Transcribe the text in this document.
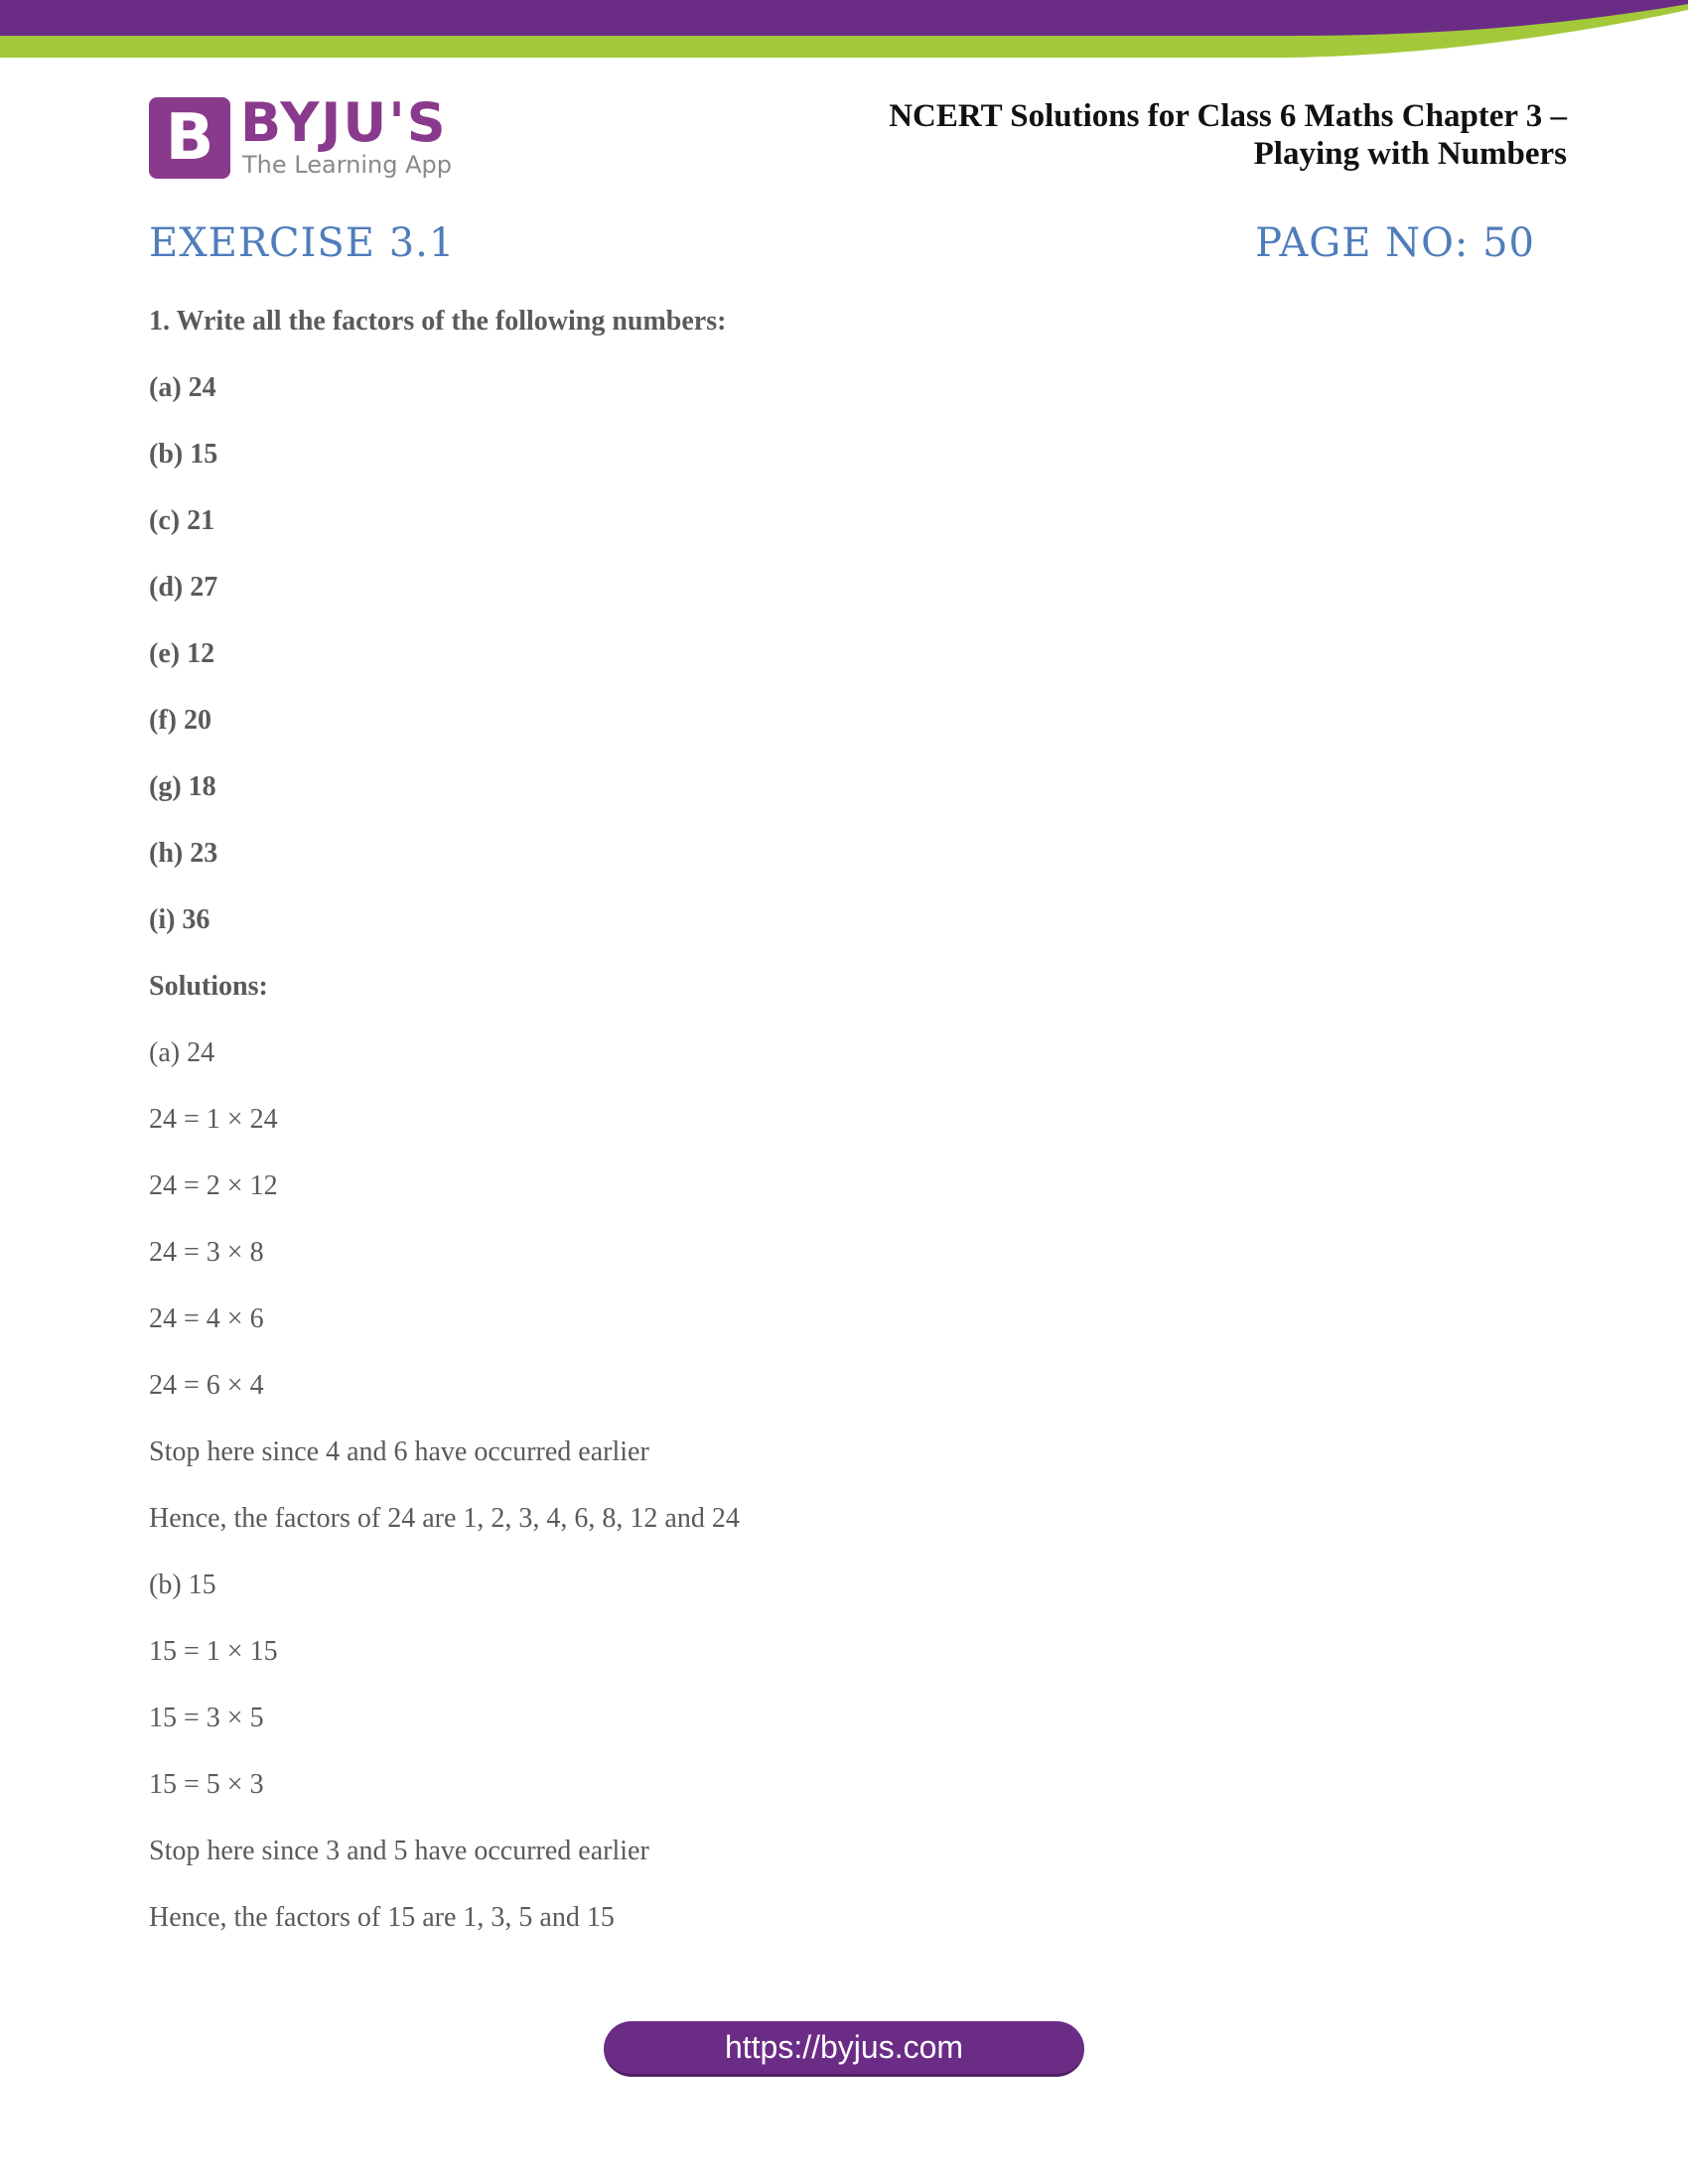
B BYJU'S
The Learning App
NCERT Solutions for Class 6 Maths Chapter 3 –
Playing with Numbers
EXERCISE 3.1	PAGE NO: 50
1. Write all the factors of the following numbers:
(a) 24
(b) 15
(c) 21
(d) 27
(e) 12
(f) 20
(g) 18
(h) 23
(i) 36
Solutions:
(a) 24
24 = 1 × 24
24 = 2 × 12
24 = 3 × 8
24 = 4 × 6
24 = 6 × 4
Stop here since 4 and 6 have occurred earlier
Hence, the factors of 24 are 1, 2, 3, 4, 6, 8, 12 and 24
(b) 15
15 = 1 × 15
15 = 3 × 5
15 = 5 × 3
Stop here since 3 and 5 have occurred earlier
Hence, the factors of 15 are 1, 3, 5 and 15
https://byjus.com
